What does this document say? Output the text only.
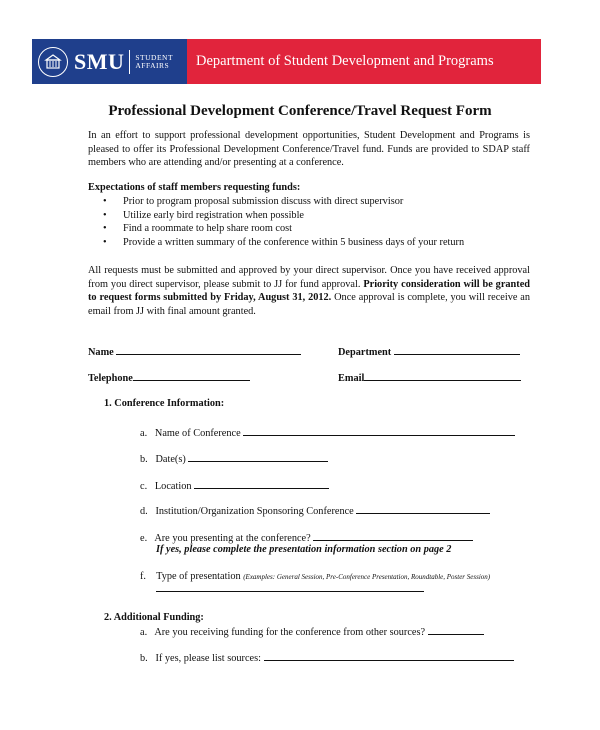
SMU STUDENT
AFFAIRS	Department of Student Development and Programs
Professional Development Conference/Travel Request Form
In an effort to support professional development opportunities, Student Development and Programs is pleased to offer its Professional Development Conference/Travel fund. Funds are provided to SDAP staff members who are attending and/or presenting at a conference.
Expectations of staff members requesting funds:
• Prior to program proposal submission discuss with direct supervisor
• Utilize early bird registration when possible
• Find a roommate to help share room cost
• Provide a written summary of the conference within 5 business days of your return
All requests must be submitted and approved by your direct supervisor. Once you have received approval from you direct supervisor, please submit to JJ for fund approval. Priority consideration will be granted to request forms submitted by Friday, August 31, 2012. Once approval is complete, you will receive an email from JJ with final amount granted.
Name	Department
Telephone	Email
1. Conference Information:
a. Name of Conference
b. Date(s)
c. Location
d. Institution/Organization Sponsoring Conference
e. Are you presenting at the conference?
If yes, please complete the presentation information section on page 2
f. Type of presentation (Examples: General Session, Pre-Conference Presentation, Roundtable, Poster Session)
2. Additional Funding:
a. Are you receiving funding for the conference from other sources?
b. If yes, please list sources:
